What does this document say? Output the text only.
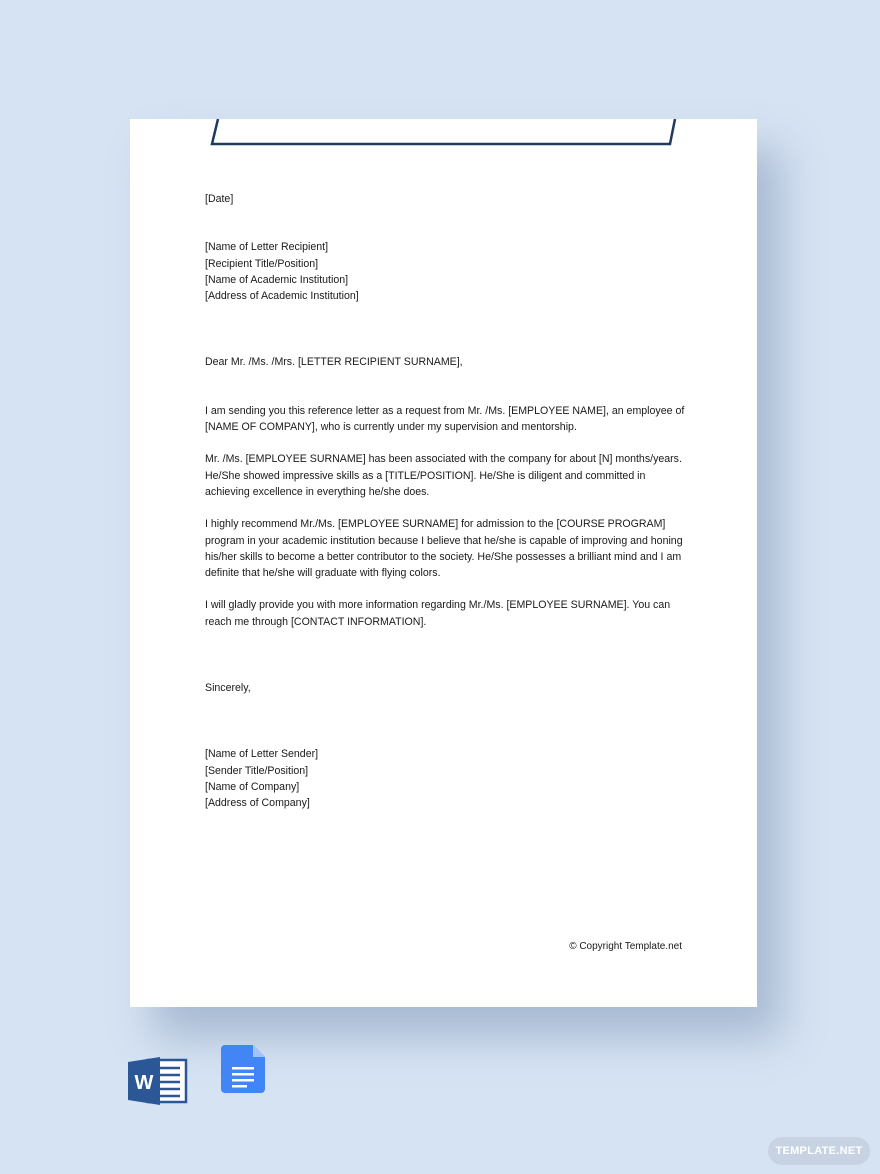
[Date]

[Name of Letter Recipient]

[Recipient Title/Position]

[Name of Academic Institution]

[Address of Academic Institution]

Dear Mr. /Ms. /Mrs. [LETTER RECIPIENT SURNAME],

I am sending you this reference letter as a request from Mr. /Ms. [EMPLOYEE NAME], an employee of [NAME OF COMPANY], who is currently under my supervision and mentorship.

Mr. /Ms. [EMPLOYEE SURNAME] has been associated with the company for about [N] months/years. He/She showed impressive skills as a [TITLE/POSITION]. He/She is diligent and committed in achieving excellence in everything he/she does.

I highly recommend Mr./Ms. [EMPLOYEE SURNAME] for admission to the [COURSE PROGRAM] program in your academic institution because I believe that he/she is capable of improving and honing his/her skills to become a better contributor to the society. He/She possesses a brilliant mind and I am definite that he/she will graduate with flying colors.

I will gladly provide you with more information regarding Mr./Ms. [EMPLOYEE SURNAME]. You can reach me through [CONTACT INFORMATION].

Sincerely,

[Name of Letter Sender]

[Sender Title/Position]

[Name of Company]

[Address of Company]

© Copyright Template.net
W
TEMPLATE.NET
